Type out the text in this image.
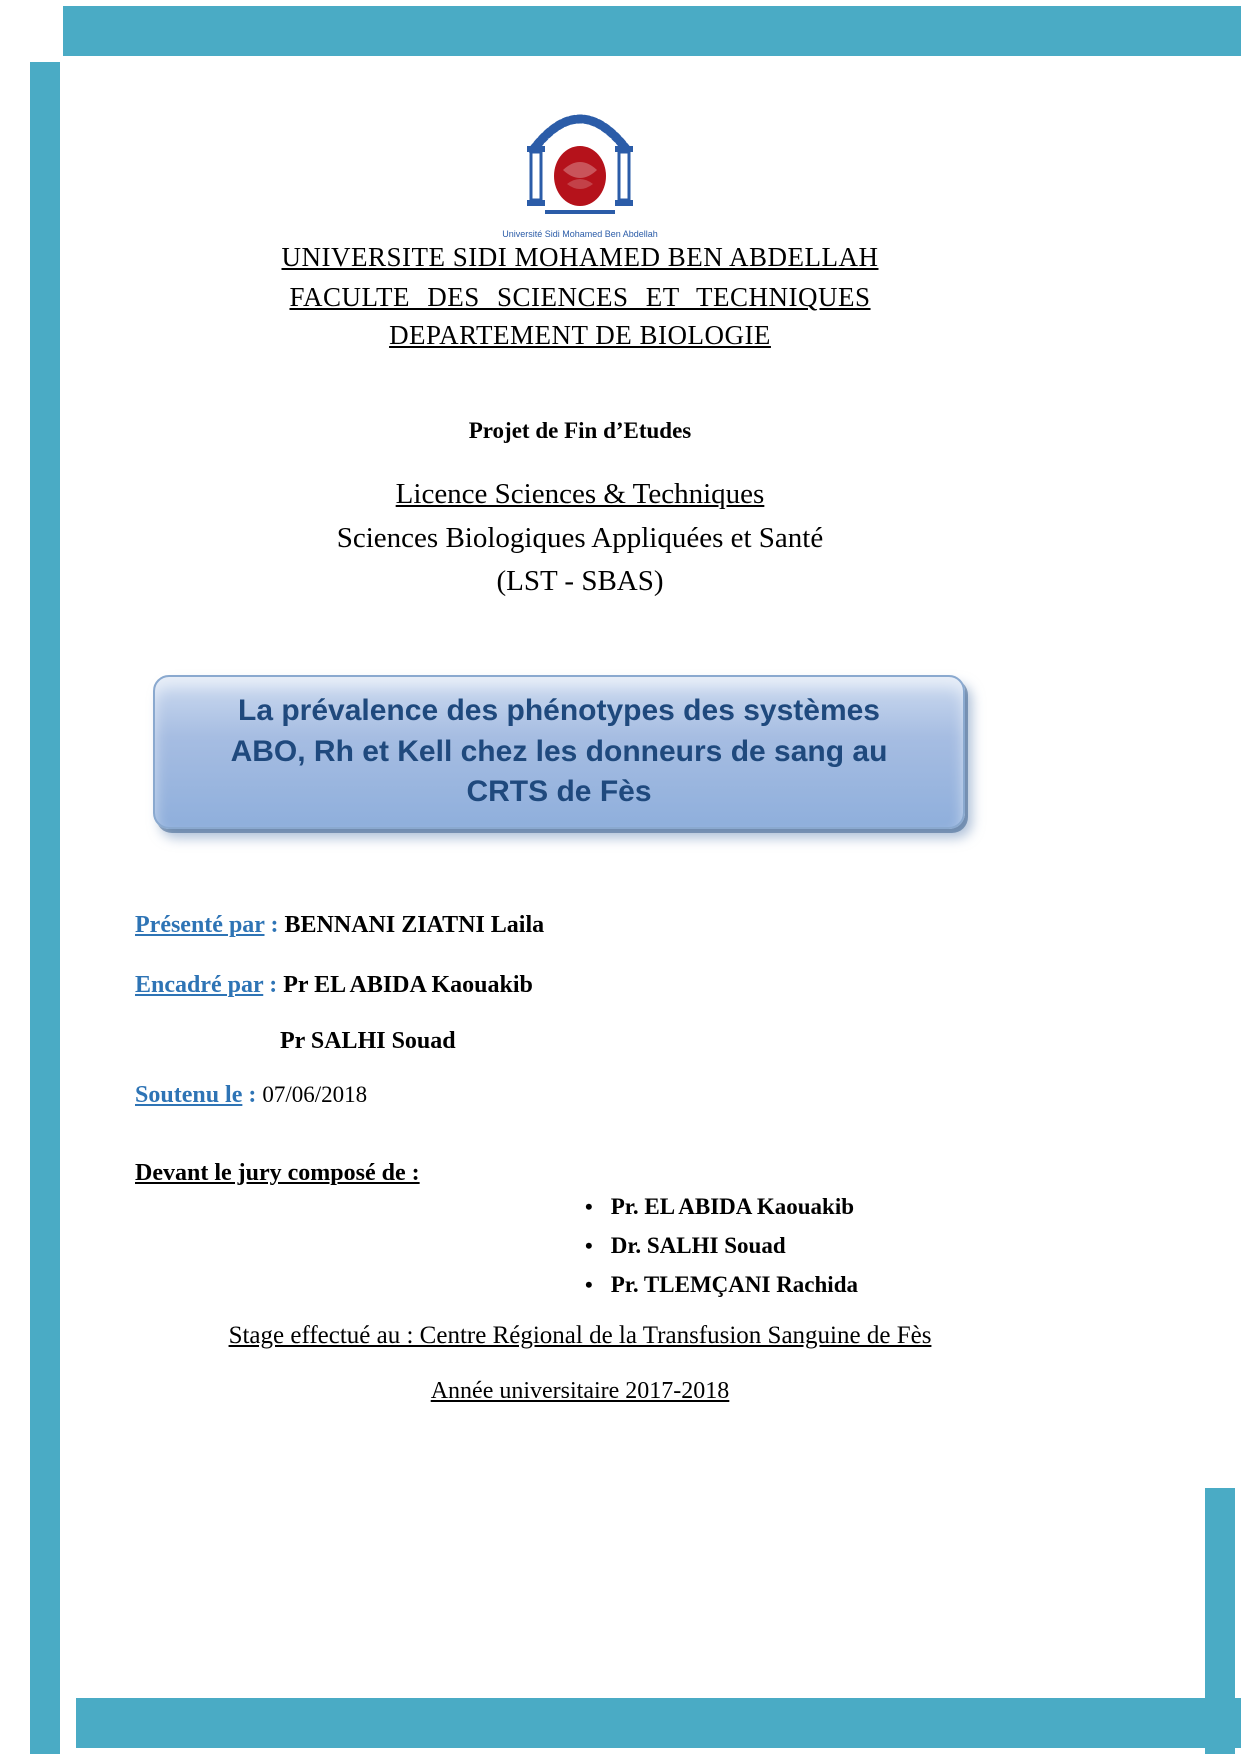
Université Sidi Mohamed Ben Abdellah
UNIVERSITE SIDI MOHAMED BEN ABDELLAH
FACULTE DES SCIENCES ET TECHNIQUES
DEPARTEMENT DE BIOLOGIE
Projet de Fin d’Etudes
Licence Sciences & Techniques
Sciences Biologiques Appliquées et Santé
(LST - SBAS)
La prévalence des phénotypes des systèmes
ABO, Rh et Kell chez les donneurs de sang au
CRTS de Fès
Présenté par : BENNANI ZIATNI Laila
Encadré par : Pr EL ABIDA Kaouakib
Pr SALHI Souad
Soutenu le : 07/06/2018
Devant le jury composé de :
• Pr. EL ABIDA Kaouakib
• Dr. SALHI Souad
• Pr. TLEMÇANI Rachida
Stage effectué au : Centre Régional de la Transfusion Sanguine de Fès
Année universitaire 2017-2018
